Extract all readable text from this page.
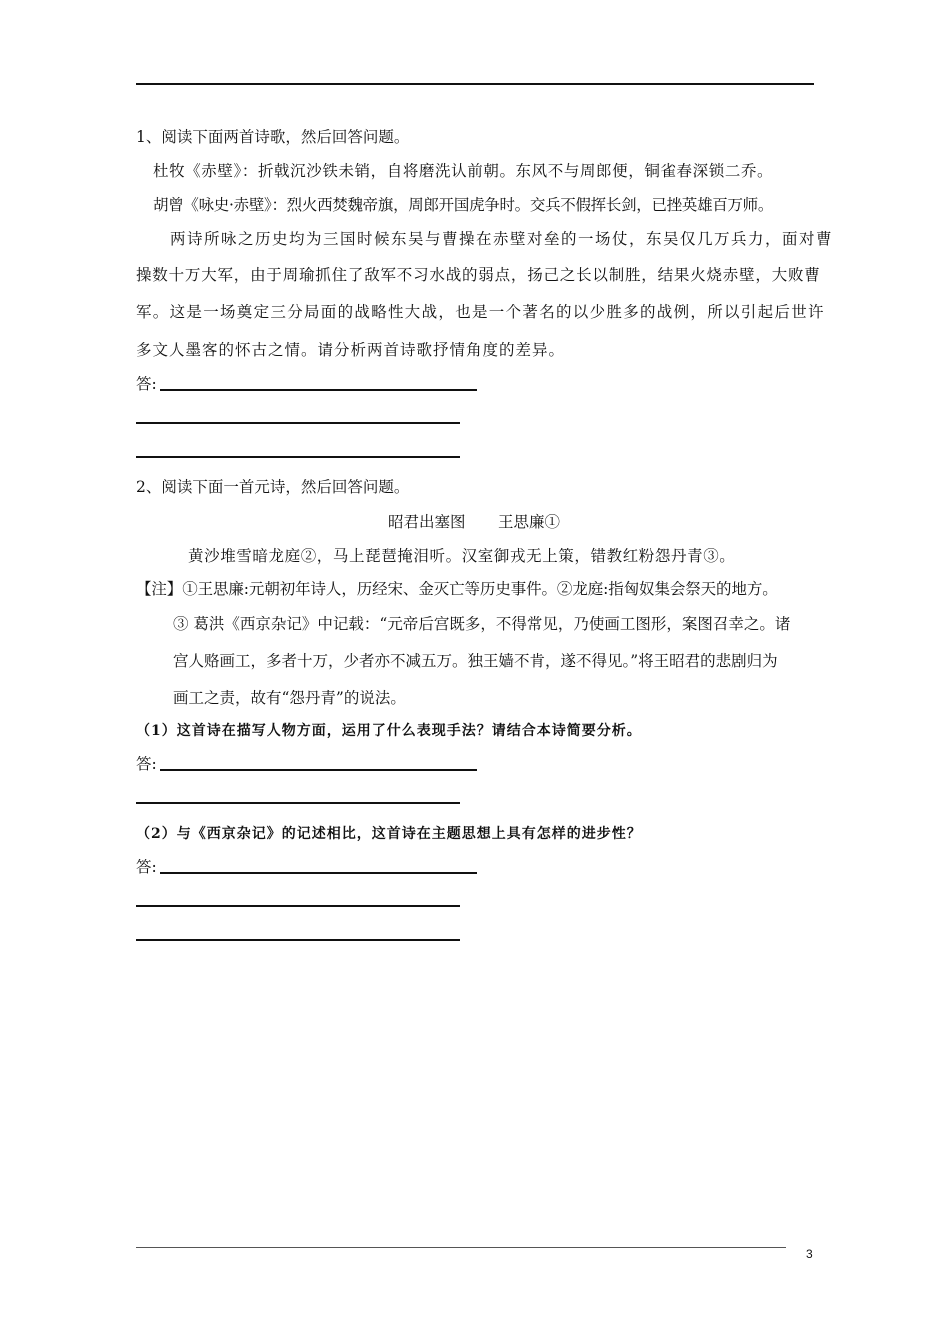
1、阅读下面两首诗歌，然后回答问题。
杜牧《赤壁》：折戟沉沙铁未销，自将磨洗认前朝。东风不与周郎便，铜雀春深锁二乔。
胡曾《咏史·赤壁》：烈火西焚魏帝旗，周郎开国虎争时。交兵不假挥长剑，已挫英雄百万师。
两诗所咏之历史均为三国时候东吴与曹操在赤壁对垒的一场仗，东吴仅几万兵力，面对曹
操数十万大军，由于周瑜抓住了敌军不习水战的弱点，扬己之长以制胜，结果火烧赤壁，大败曹
军。这是一场奠定三分局面的战略性大战，也是一个著名的以少胜多的战例，所以引起后世许
多文人墨客的怀古之情。请分析两首诗歌抒情角度的差异。
答:
2、阅读下面一首元诗，然后回答问题。
昭君出塞图 王思廉①
黄沙堆雪暗龙庭②，马上琵琶掩泪听。汉室御戎无上策，错教红粉怨丹青③。
【注】①王思廉:元朝初年诗人，历经宋、金灭亡等历史事件。②龙庭:指匈奴集会祭天的地方。
③ 葛洪《西京杂记》中记载：“元帝后宫既多，不得常见，乃使画工图形，案图召幸之。诸
宫人赂画工，多者十万，少者亦不减五万。独王嫱不肯，遂不得见。”将王昭君的悲剧归为
画工之责，故有“怨丹青”的说法。
（1）这首诗在描写人物方面，运用了什么表现手法？请结合本诗简要分析。
答:
（2）与《西京杂记》的记述相比，这首诗在主题思想上具有怎样的进步性？
答:
3
